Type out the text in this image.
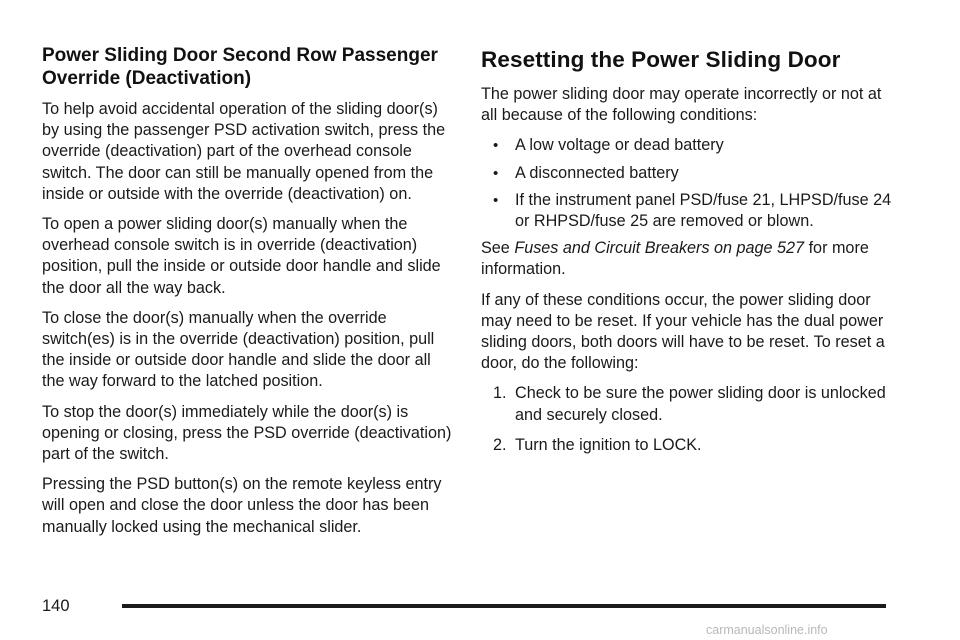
Power Sliding Door Second Row Passenger Override (Deactivation)

To help avoid accidental operation of the sliding door(s) by using the passenger PSD activation switch, press the override (deactivation) part of the overhead console switch. The door can still be manually opened from the inside or outside with the override (deactivation) on.

To open a power sliding door(s) manually when the overhead console switch is in override (deactivation) position, pull the inside or outside door handle and slide the door all the way back.

To close the door(s) manually when the override switch(es) is in the override (deactivation) position, pull the inside or outside door handle and slide the door all the way forward to the latched position.

To stop the door(s) immediately while the door(s) is opening or closing, press the PSD override (deactivation) part of the switch.

Pressing the PSD button(s) on the remote keyless entry will open and close the door unless the door has been manually locked using the mechanical slider.

Resetting the Power Sliding Door

The power sliding door may operate incorrectly or not at all because of the following conditions:

• A low voltage or dead battery
• A disconnected battery
• If the instrument panel PSD/fuse 21, LHPSD/fuse 24 or RHPSD/fuse 25 are removed or blown.

See Fuses and Circuit Breakers on page 527 for more information.

If any of these conditions occur, the power sliding door may need to be reset. If your vehicle has the dual power sliding doors, both doors will have to be reset. To reset a door, do the following:

1. Check to be sure the power sliding door is unlocked and securely closed.
2. Turn the ignition to LOCK.
140
carmanualsonline.info
